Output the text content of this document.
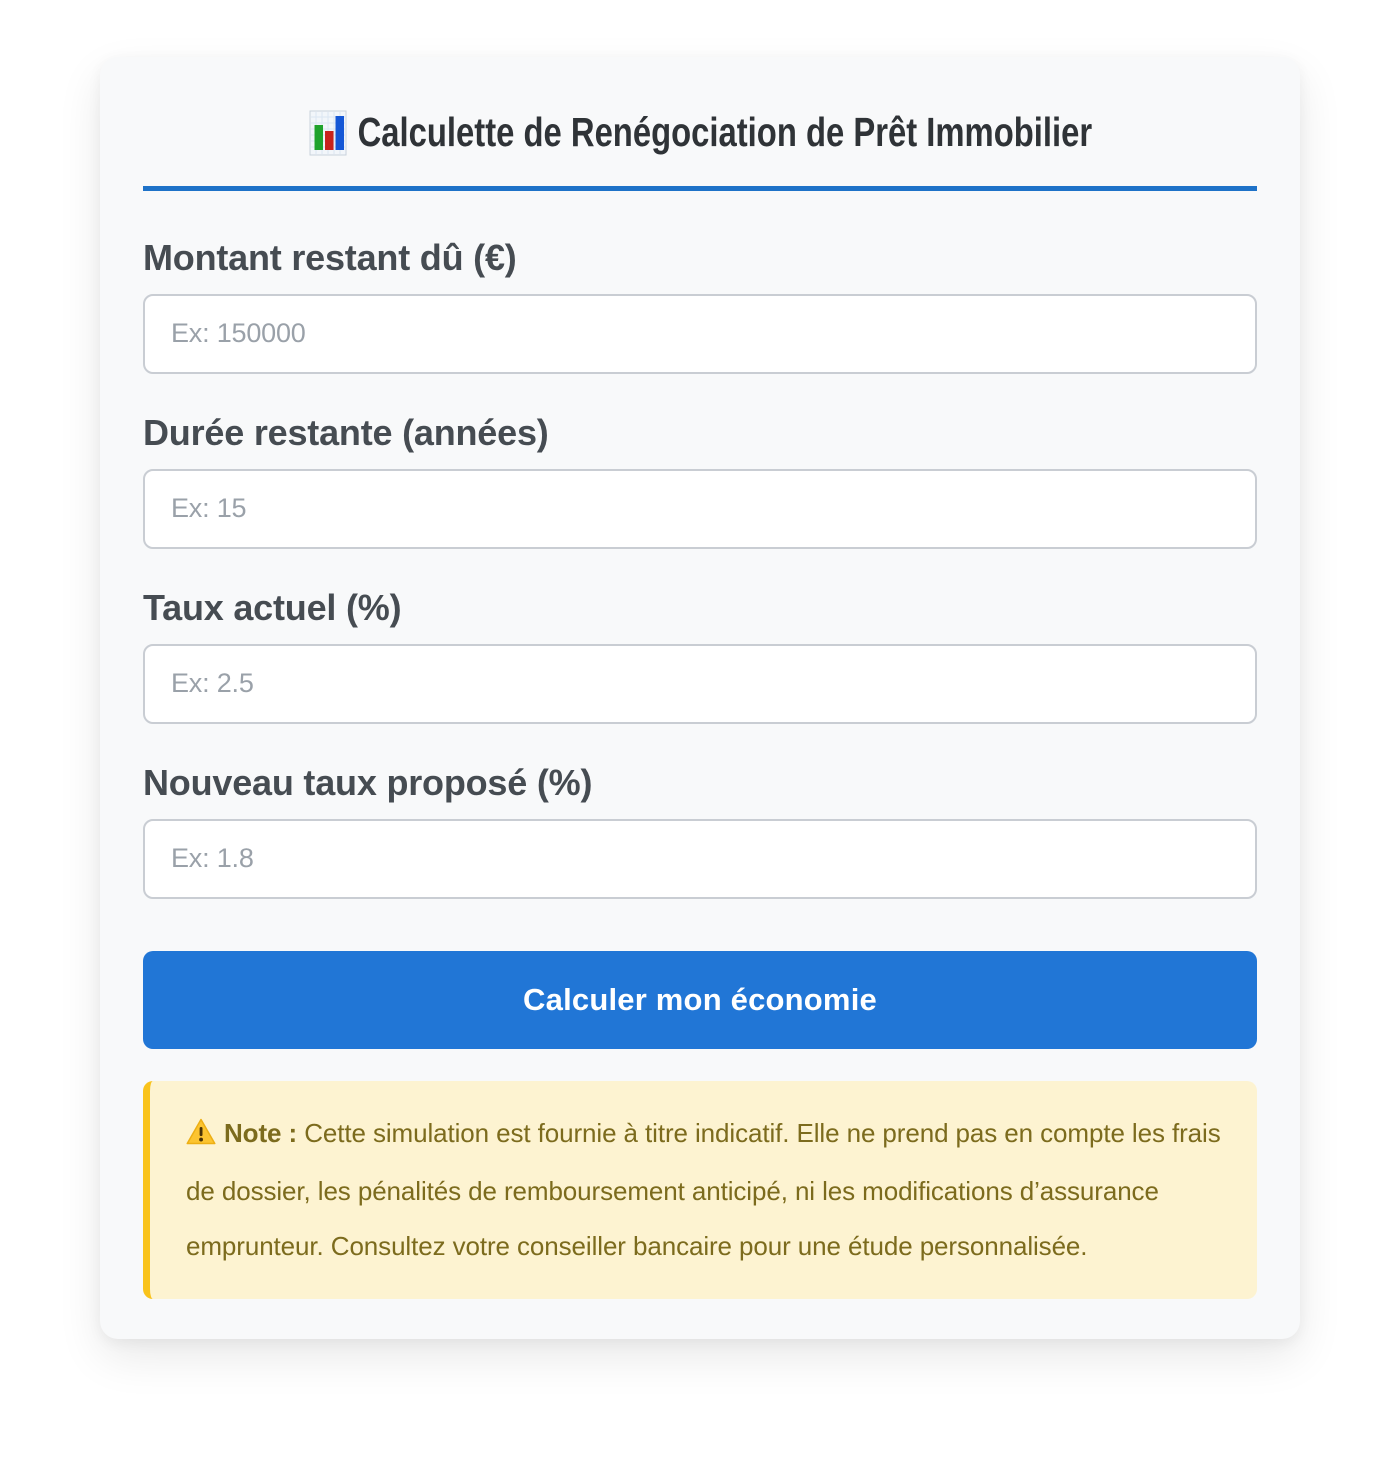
Calculette de Renégociation de Prêt Immobilier
Montant restant dû (€)
Ex: 150000
Durée restante (années)
Ex: 15
Taux actuel (%)
Ex: 2.5
Nouveau taux proposé (%)
Ex: 1.8
Calculer mon économie
Note : Cette simulation est fournie à titre indicatif. Elle ne prend pas en compte les frais de dossier, les pénalités de remboursement anticipé, ni les modifications d’assurance emprunteur. Consultez votre conseiller bancaire pour une étude personnalisée.
